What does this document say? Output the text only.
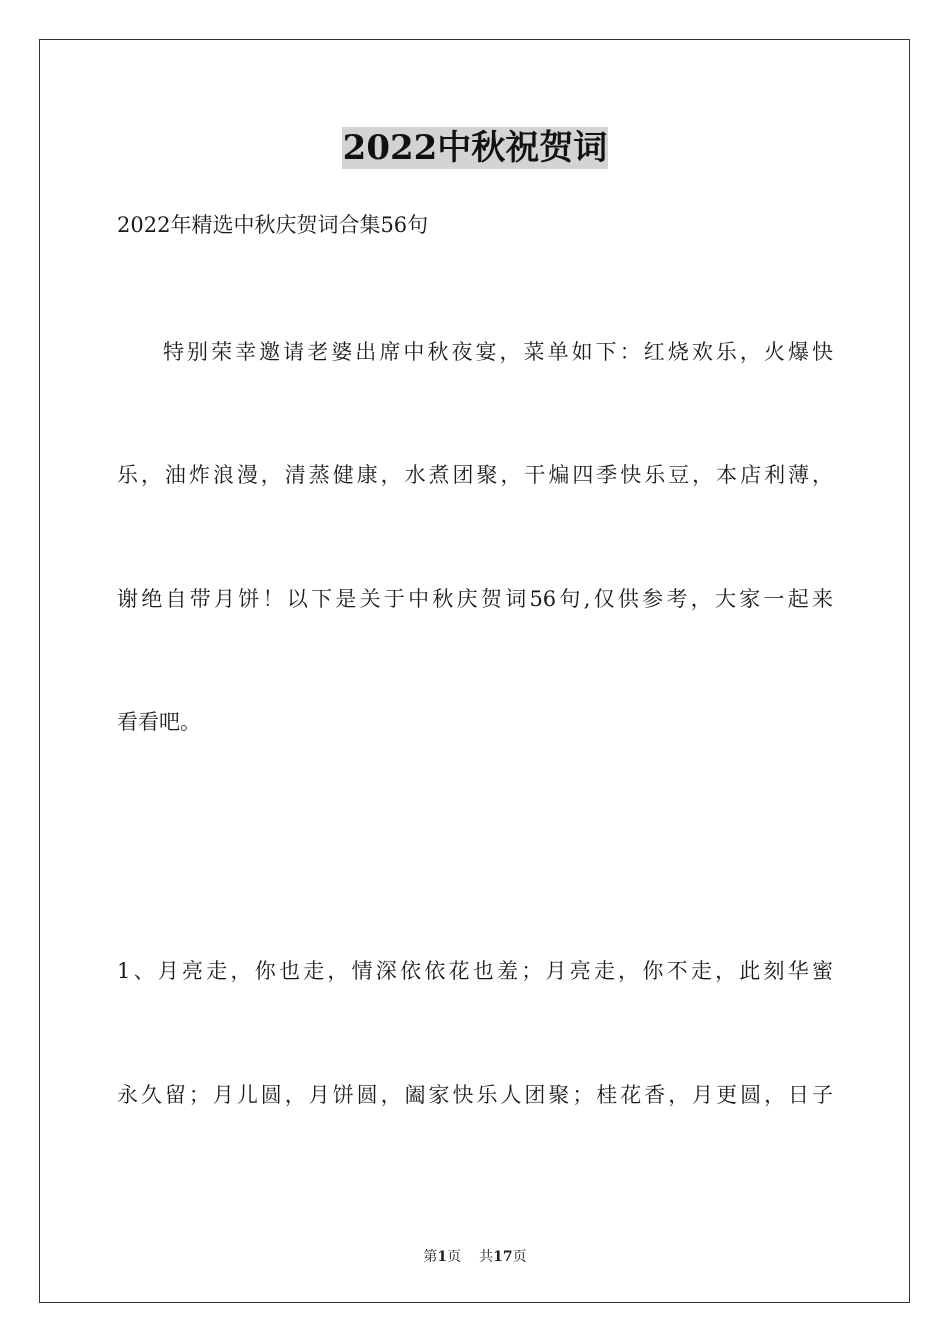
2022中秋祝贺词
2022年精选中秋庆贺词合集56句
特别荣幸邀请老婆出席中秋夜宴，菜单如下：红烧欢乐，火爆快
乐，油炸浪漫，清蒸健康，水煮团聚，干煸四季快乐豆，本店利薄，
谢绝自带月饼！以下是关于中秋庆贺词56句,仅供参考，大家一起来
看看吧。
1、月亮走，你也走，情深依依花也羞；月亮走，你不走，此刻华蜜
永久留；月儿圆，月饼圆，阖家快乐人团聚；桂花香，月更圆，日子
第1页 共17页
